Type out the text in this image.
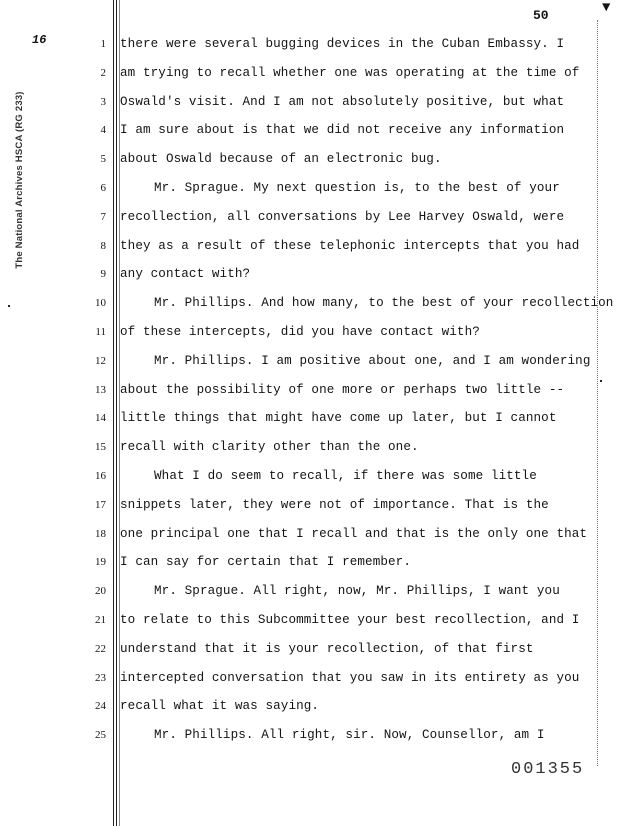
▼
50
16
The National Archives HSCA (RG 233)
1 there were several bugging devices in the Cuban Embassy. I
2 am trying to recall whether one was operating at the time of
3 Oswald's visit. And I am not absolutely positive, but what
4 I am sure about is that we did not receive any information
5 about Oswald because of an electronic bug.
6	Mr. Sprague. My next question is, to the best of your
7 recollection, all conversations by Lee Harvey Oswald, were
8 they as a result of these telephonic intercepts that you had
9 any contact with?
10	Mr. Phillips. And how many, to the best of your recollection
11 of these intercepts, did you have contact with?
12	Mr. Phillips. I am positive about one, and I am wondering
13 about the possibility of one more or perhaps two little --
14 little things that might have come up later, but I cannot
15 recall with clarity other than the one.
16	What I do seem to recall, if there was some little
17 snippets later, they were not of importance. That is the
18 one principal one that I recall and that is the only one that
19 I can say for certain that I remember.
20	Mr. Sprague. All right, now, Mr. Phillips, I want you
21 to relate to this Subcommittee your best recollection, and I
22 understand that it is your recollection, of that first
23 intercepted conversation that you saw in its entirety as you
24 recall what it was saying.
25	Mr. Phillips. All right, sir. Now, Counsellor, am I
001355
